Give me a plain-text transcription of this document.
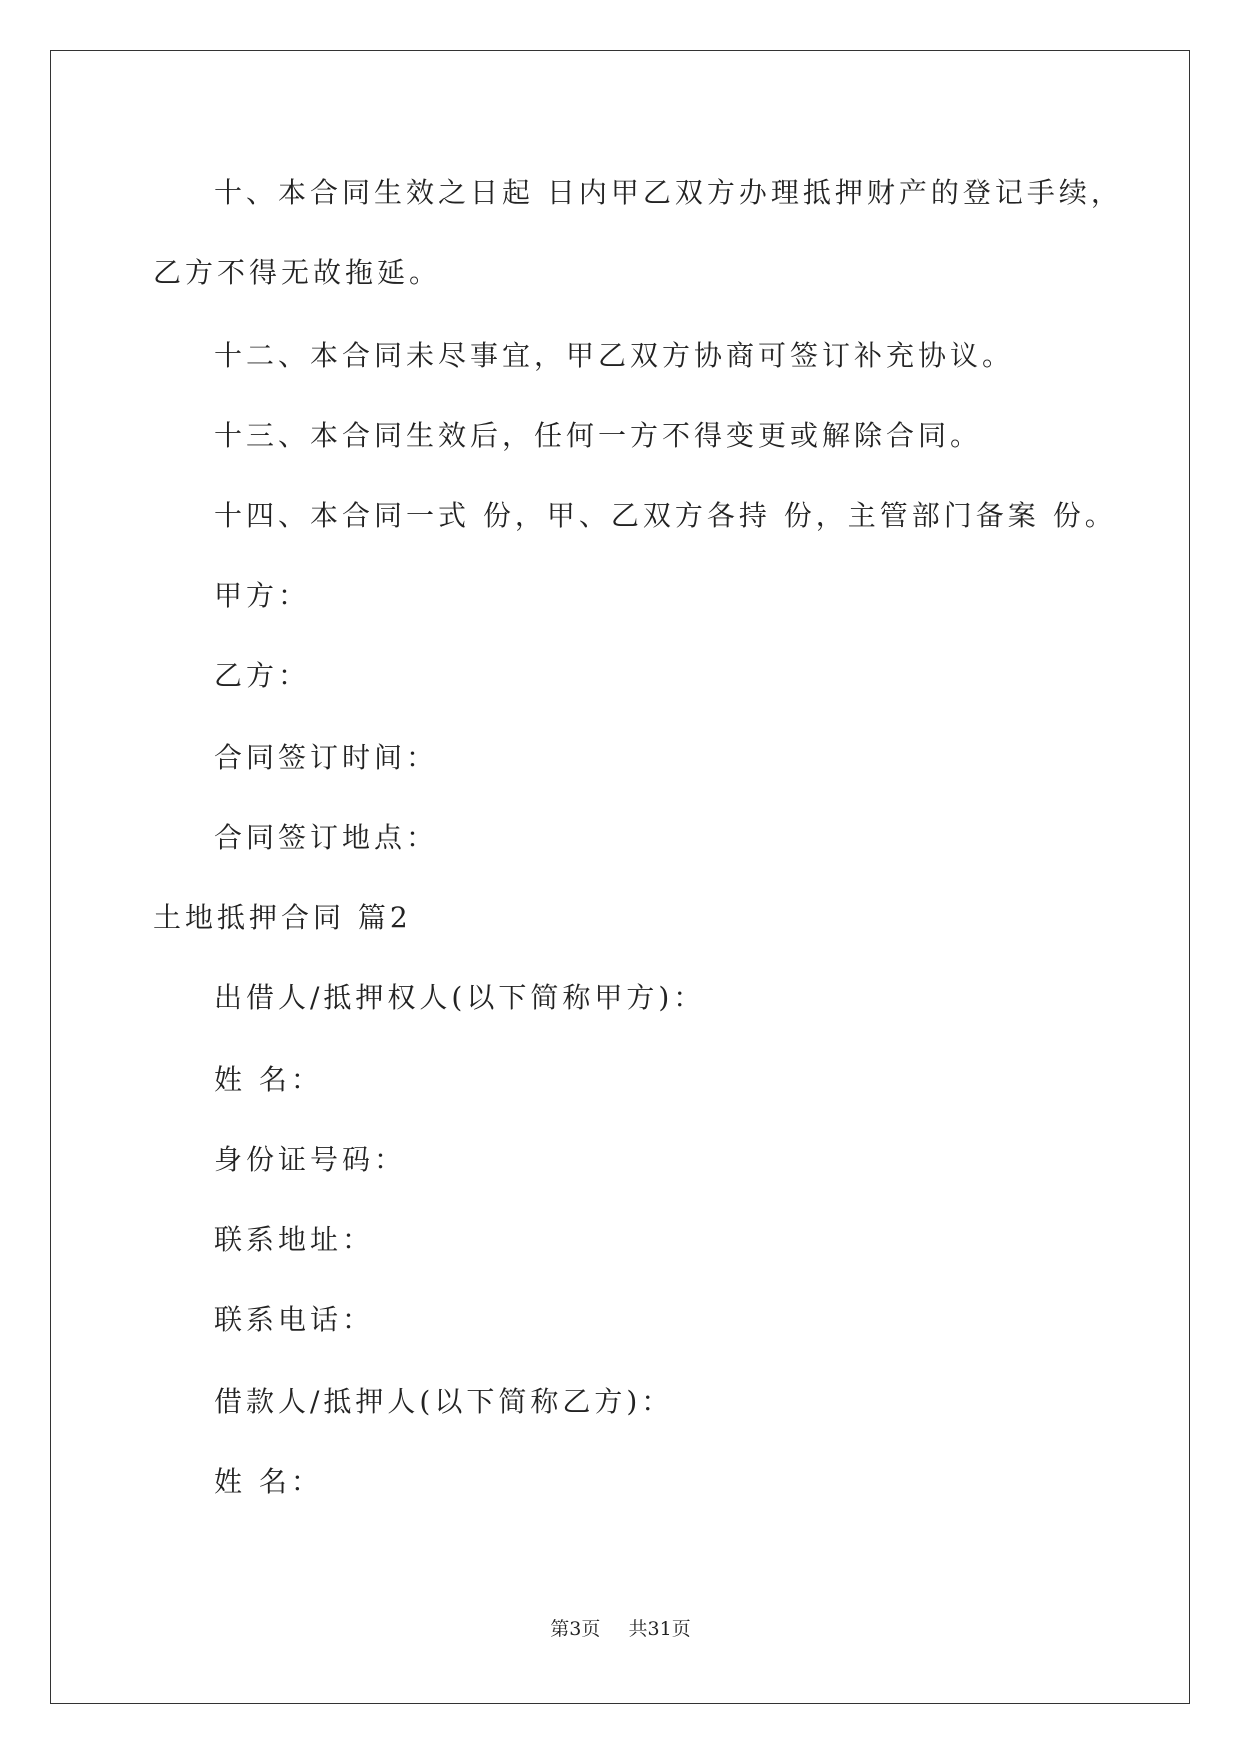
十、本合同生效之日起 日内甲乙双方办理抵押财产的登记手续，
乙方不得无故拖延。
十二、本合同未尽事宜，甲乙双方协商可签订补充协议。
十三、本合同生效后，任何一方不得变更或解除合同。
十四、本合同一式 份，甲、乙双方各持 份，主管部门备案 份。
甲方：
乙方：
合同签订时间：
合同签订地点：
土地抵押合同 篇2
出借人/抵押权人(以下简称甲方)：
姓 名：
身份证号码：
联系地址：
联系电话：
借款人/抵押人(以下简称乙方)：
姓 名：
第3页 共31页
